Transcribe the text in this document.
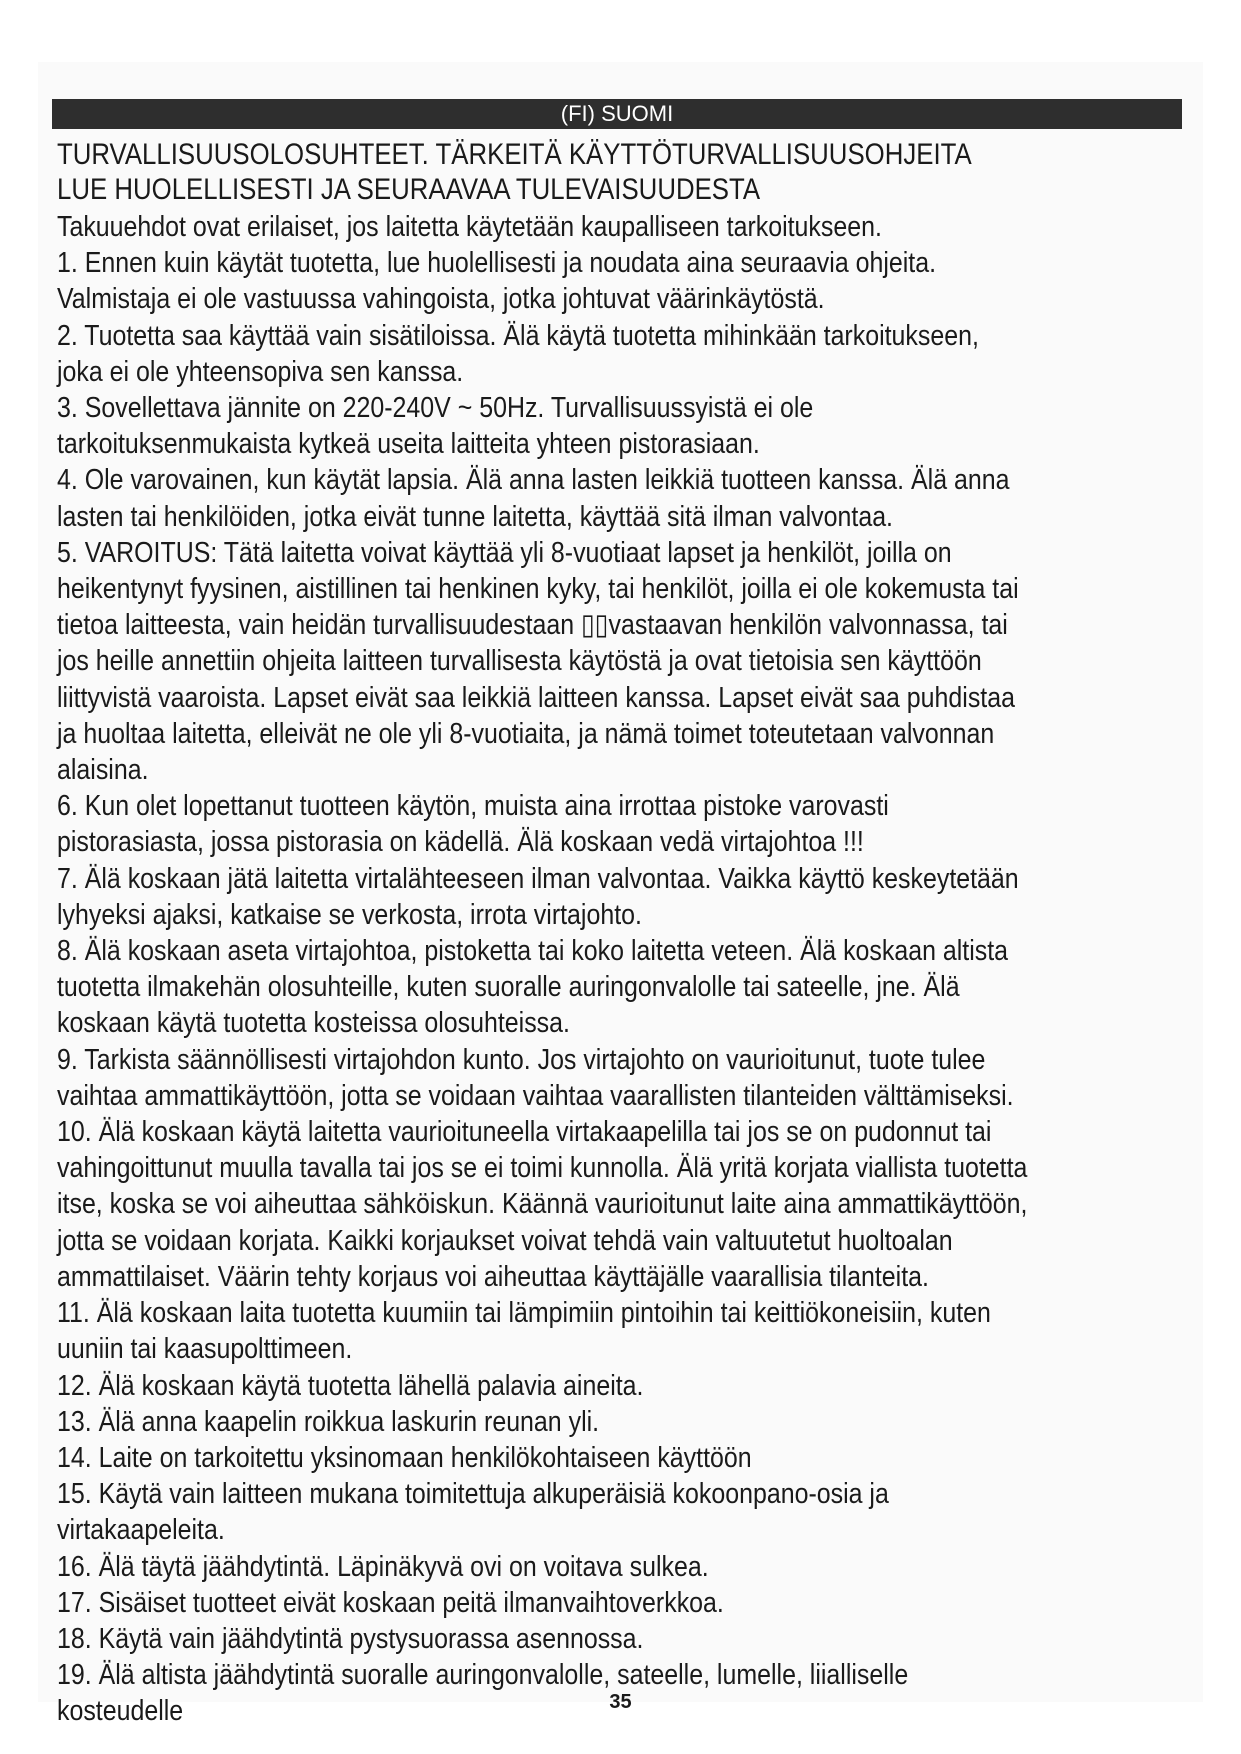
(FI) SUOMI

TURVALLISUUSOLOSUHTEET. TÄRKEITÄ KÄYTTÖTURVALLISUUSOHJEITA

LUE HUOLELLISESTI JA SEURAAVAA TULEVAISUUDESTA

Takuuehdot ovat erilaiset, jos laitetta käytetään kaupalliseen tarkoitukseen.

1. Ennen kuin käytät tuotetta, lue huolellisesti ja noudata aina seuraavia ohjeita. Valmistaja ei ole vastuussa vahingoista, jotka johtuvat väärinkäytöstä.

2. Tuotetta saa käyttää vain sisätiloissa. Älä käytä tuotetta mihinkään tarkoitukseen, joka ei ole yhteensopiva sen kanssa.

3. Sovellettava jännite on 220-240V ~ 50Hz. Turvallisuussyistä ei ole tarkoituksenmukaista kytkeä useita laitteita yhteen pistorasiaan.

4. Ole varovainen, kun käytät lapsia. Älä anna lasten leikkiä tuotteen kanssa. Älä anna lasten tai henkilöiden, jotka eivät tunne laitetta, käyttää sitä ilman valvontaa.

5. VAROITUS: Tätä laitetta voivat käyttää yli 8-vuotiaat lapset ja henkilöt, joilla on heikentynyt fyysinen, aistillinen tai henkinen kyky, tai henkilöt, joilla ei ole kokemusta tai tietoa laitteesta, vain heidän turvallisuudestaan ▯▯vastaavan henkilön valvonnassa, tai jos heille annettiin ohjeita laitteen turvallisesta käytöstä ja ovat tietoisia sen käyttöön liittyvistä vaaroista. Lapset eivät saa leikkiä laitteen kanssa. Lapset eivät saa puhdistaa ja huoltaa laitetta, elleivät ne ole yli 8-vuotiaita, ja nämä toimet toteutetaan valvonnan alaisina.

6. Kun olet lopettanut tuotteen käytön, muista aina irrottaa pistoke varovasti pistorasiasta, jossa pistorasia on kädellä. Älä koskaan vedä virtajohtoa !!!

7. Älä koskaan jätä laitetta virtalähteeseen ilman valvontaa. Vaikka käyttö keskeytetään lyhyeksi ajaksi, katkaise se verkosta, irrota virtajohto.

8. Älä koskaan aseta virtajohtoa, pistoketta tai koko laitetta veteen. Älä koskaan altista tuotetta ilmakehän olosuhteille, kuten suoralle auringonvalolle tai sateelle, jne. Älä koskaan käytä tuotetta kosteissa olosuhteissa.

9. Tarkista säännöllisesti virtajohdon kunto. Jos virtajohto on vaurioitunut, tuote tulee vaihtaa ammattikäyttöön, jotta se voidaan vaihtaa vaarallisten tilanteiden välttämiseksi.

10. Älä koskaan käytä laitetta vaurioituneella virtakaapelilla tai jos se on pudonnut tai vahingoittunut muulla tavalla tai jos se ei toimi kunnolla. Älä yritä korjata viallista tuotetta itse, koska se voi aiheuttaa sähköiskun. Käännä vaurioitunut laite aina ammattikäyttöön, jotta se voidaan korjata. Kaikki korjaukset voivat tehdä vain valtuutetut huoltoalan ammattilaiset. Väärin tehty korjaus voi aiheuttaa käyttäjälle vaarallisia tilanteita.

11. Älä koskaan laita tuotetta kuumiin tai lämpimiin pintoihin tai keittiökoneisiin, kuten uuniin tai kaasupolttimeen.

12. Älä koskaan käytä tuotetta lähellä palavia aineita.

13. Älä anna kaapelin roikkua laskurin reunan yli.

14. Laite on tarkoitettu yksinomaan henkilökohtaiseen käyttöön

15. Käytä vain laitteen mukana toimitettuja alkuperäisiä kokoonpano-osia ja virtakaapeleita.

16. Älä täytä jäähdytintä. Läpinäkyvä ovi on voitava sulkea.

17. Sisäiset tuotteet eivät koskaan peitä ilmanvaihtoverkkoa.

18. Käytä vain jäähdytintä pystysuorassa asennossa.

19. Älä altista jäähdytintä suoralle auringonvalolle, sateelle, lumelle, liialliselle kosteudelle	35
